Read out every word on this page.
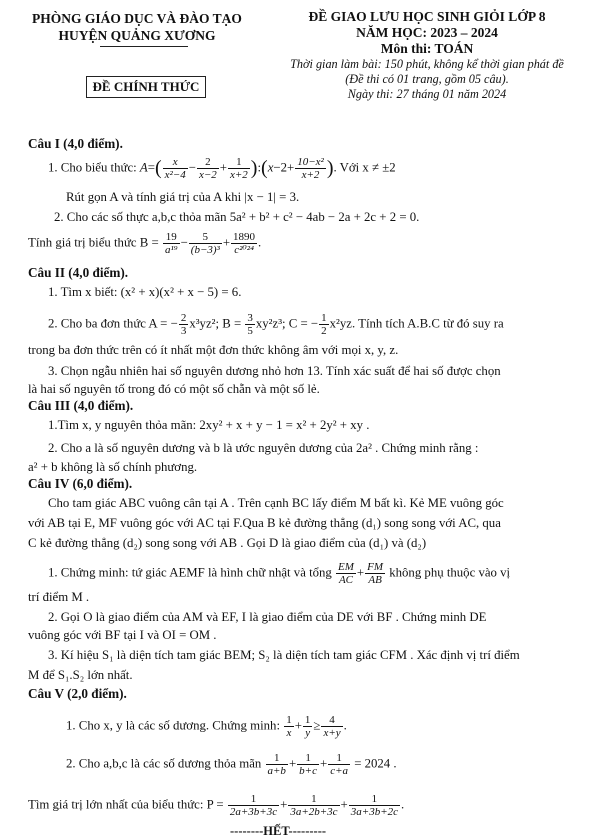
PHÒNG GIÁO DỤC VÀ ĐÀO TẠO
HUYỆN QUẢNG XƯƠNG
ĐỀ CHÍNH THỨC
ĐỀ GIAO LƯU HỌC SINH GIỎI LỚP 8
NĂM HỌC: 2023 – 2024
Môn thi: TOÁN
Thời gian làm bài: 150 phút, không kể thời gian phát đề
(Đề thi có 01 trang, gồm 05 câu).
Ngày thi: 27 tháng 01 năm 2024
Câu I (4,0 điểm).
1. Cho biểu thức: $A=( \frac{x}{\text{x²−4}} - \frac{2}{x-2} + \frac{1}{x+2}$ ):(x−2+ $\frac{\text{10−x²}}{x+2}$ ). Với x ≠ ±2
Rút gọn A và tính giá trị của A khi |x − 1| = 3.
2. Cho các số thực a,b,c thỏa mãn 5a² + b² + c² − 4ab − 2a + 2c + 2 = 0.
Tính giá trị biểu thức $B = \frac{19}{\text{a¹⁹}} - \frac{5}{\text{(b−3)³}} + \frac{1890}{\text{c²⁰²⁴}}$ .
Câu II (4,0 điểm).
1. Tìm x biết: (x² + x)(x² + x − 5) = 6.
2. Cho ba đơn thức A = − $\frac{2}{3} x^3yz^2$; $B = \frac{3}{5} xy^2z^3$; C = − $\frac{1}{2} x^2yz$. Tính tích A.B.C từ đó suy ra
trong ba đơn thức trên có ít nhất một đơn thức không âm với mọi x, y, z.
3. Chọn ngẫu nhiên hai số nguyên dương nhỏ hơn 13. Tính xác suất để hai số được chọn
là hai số nguyên tố trong đó có một số chẵn và một số lẻ.
Câu III (4,0 điểm).
1.Tìm x, y nguyên thỏa mãn: 2xy² + x + y − 1 = x² + 2y² + xy .
2. Cho a là số nguyên dương và b là ước nguyên dương của 2a² . Chứng minh rằng :
a² + b không là số chính phương.
Câu IV (6,0 điểm).
Cho tam giác ABC vuông cân tại A . Trên cạnh BC lấy điểm M bất kì. Kẻ ME vuông góc
với AB tại E, MF vuông góc với AC tại F.Qua B kẻ đường thẳng (d₁) song song với AC, qua
C kẻ đường thẳng (d₂) song song với AB . Gọi D là giao điểm của (d₁) và (d₂)
1. Chứng minh: tứ giác AEMF là hình chữ nhật và tổng $\frac{EM}{AC} + \frac{FM}{AB}$ không phụ thuộc vào vị
trí điểm M .
2. Gọi O là giao điểm của AM và EF, I là giao điểm của DE với BF . Chứng minh DE
vuông góc với BF tại I và OI = OM .
3. Kí hiệu S₁ là diện tích tam giác BEM; S₂ là diện tích tam giác CFM . Xác định vị trí điểm
M để S₁.S₂ lớn nhất.
Câu V (2,0 điểm).
1. Cho x, y là các số dương. Chứng minh: $\frac{1}{x} + \frac{1}{y} \ge \frac{4}{x+y}$ .
2. Cho a,b,c là các số dương thỏa mãn $\frac{1}{a+b} + \frac{1}{b+c} + \frac{1}{c+a} = 2024$ .
Tìm giá trị lớn nhất của biểu thức: $P = \frac{1}{2a+3b+3c} + \frac{1}{3a+2b+3c} + \frac{1}{3a+3b+2c}$ .
--------HẾT---------
